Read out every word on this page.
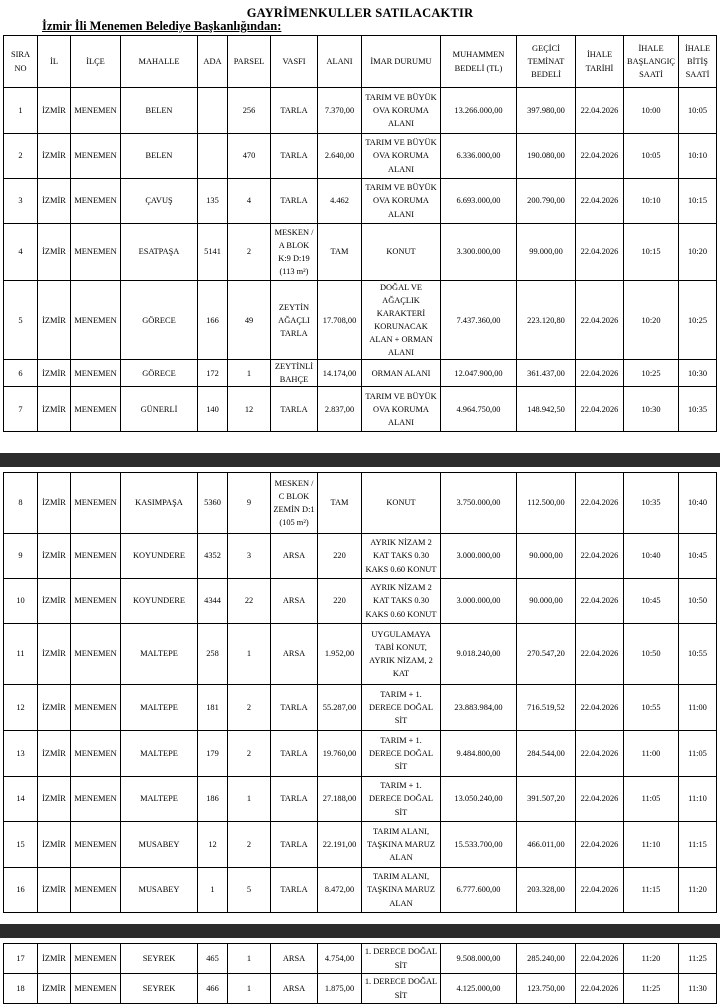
GAYRİMENKULLER SATILACAKTIR
İzmir İli Menemen Belediye Başkanlığından:
SIRA NO	İL	İLÇE	MAHALLE	ADA	PARSEL	VASFI	ALANI	İMAR DURUMU	MUHAMMEN BEDELİ (TL)	GEÇİCİ TEMİNAT BEDELİ	İHALE TARİHİ	İHALE BAŞLANGIÇ SAATİ	İHALE BİTİŞ SAATİ
1	İZMİR	MENEMEN	BELEN		256	TARLA	7.370,00	TARIM VE BÜYÜK OVA KORUMA ALANI	13.266.000,00	397.980,00	22.04.2026	10:00	10:05
2	İZMİR	MENEMEN	BELEN		470	TARLA	2.640,00	TARIM VE BÜYÜK OVA KORUMA ALANI	6.336.000,00	190.080,00	22.04.2026	10:05	10:10
3	İZMİR	MENEMEN	ÇAVUŞ	135	4	TARLA	4.462	TARIM VE BÜYÜK OVA KORUMA ALANI	6.693.000,00	200.790,00	22.04.2026	10:10	10:15
4	İZMİR	MENEMEN	ESATPAŞA	5141	2	MESKEN / A BLOK K:9 D:19 (113 m²)	TAM	KONUT	3.300.000,00	99.000,00	22.04.2026	10:15	10:20
5	İZMİR	MENEMEN	GÖRECE	166	49	ZEYTİN AĞAÇLI TARLA	17.708,00	DOĞAL VE AĞAÇLIK KARAKTERİ KORUNACAK ALAN + ORMAN ALANI	7.437.360,00	223.120,80	22.04.2026	10:20	10:25
6	İZMİR	MENEMEN	GÖRECE	172	1	ZEYTİNLİ BAHÇE	14.174,00	ORMAN ALANI	12.047.900,00	361.437,00	22.04.2026	10:25	10:30
7	İZMİR	MENEMEN	GÜNERLİ	140	12	TARLA	2.837,00	TARIM VE BÜYÜK OVA KORUMA ALANI	4.964.750,00	148.942,50	22.04.2026	10:30	10:35
8	İZMİR	MENEMEN	KASIMPAŞA	5360	9	MESKEN / C BLOK ZEMİN D:1 (105 m²)	TAM	KONUT	3.750.000,00	112.500,00	22.04.2026	10:35	10:40
9	İZMİR	MENEMEN	KOYUNDERE	4352	3	ARSA	220	AYRIK NİZAM 2 KAT TAKS 0.30 KAKS 0.60 KONUT	3.000.000,00	90.000,00	22.04.2026	10:40	10:45
10	İZMİR	MENEMEN	KOYUNDERE	4344	22	ARSA	220	AYRIK NİZAM 2 KAT TAKS 0.30 KAKS 0.60 KONUT	3.000.000,00	90.000,00	22.04.2026	10:45	10:50
11	İZMİR	MENEMEN	MALTEPE	258	1	ARSA	1.952,00	UYGULAMAYA TABİ KONUT, AYRIK NİZAM, 2 KAT	9.018.240,00	270.547,20	22.04.2026	10:50	10:55
12	İZMİR	MENEMEN	MALTEPE	181	2	TARLA	55.287,00	TARIM + 1. DERECE DOĞAL SİT	23.883.984,00	716.519,52	22.04.2026	10:55	11:00
13	İZMİR	MENEMEN	MALTEPE	179	2	TARLA	19.760,00	TARIM + 1. DERECE DOĞAL SİT	9.484.800,00	284.544,00	22.04.2026	11:00	11:05
14	İZMİR	MENEMEN	MALTEPE	186	1	TARLA	27.188,00	TARIM + 1. DERECE DOĞAL SİT	13.050.240,00	391.507,20	22.04.2026	11:05	11:10
15	İZMİR	MENEMEN	MUSABEY	12	2	TARLA	22.191,00	TARIM ALANI, TAŞKINA MARUZ ALAN	15.533.700,00	466.011,00	22.04.2026	11:10	11:15
16	İZMİR	MENEMEN	MUSABEY	1	5	TARLA	8.472,00	TARIM ALANI, TAŞKINA MARUZ ALAN	6.777.600,00	203.328,00	22.04.2026	11:15	11:20
17	İZMİR	MENEMEN	SEYREK	465	1	ARSA	4.754,00	1. DERECE DOĞAL SİT	9.508.000,00	285.240,00	22.04.2026	11:20	11:25
18	İZMİR	MENEMEN	SEYREK	466	1	ARSA	1.875,00	1. DERECE DOĞAL SİT	4.125.000,00	123.750,00	22.04.2026	11:25	11:30
